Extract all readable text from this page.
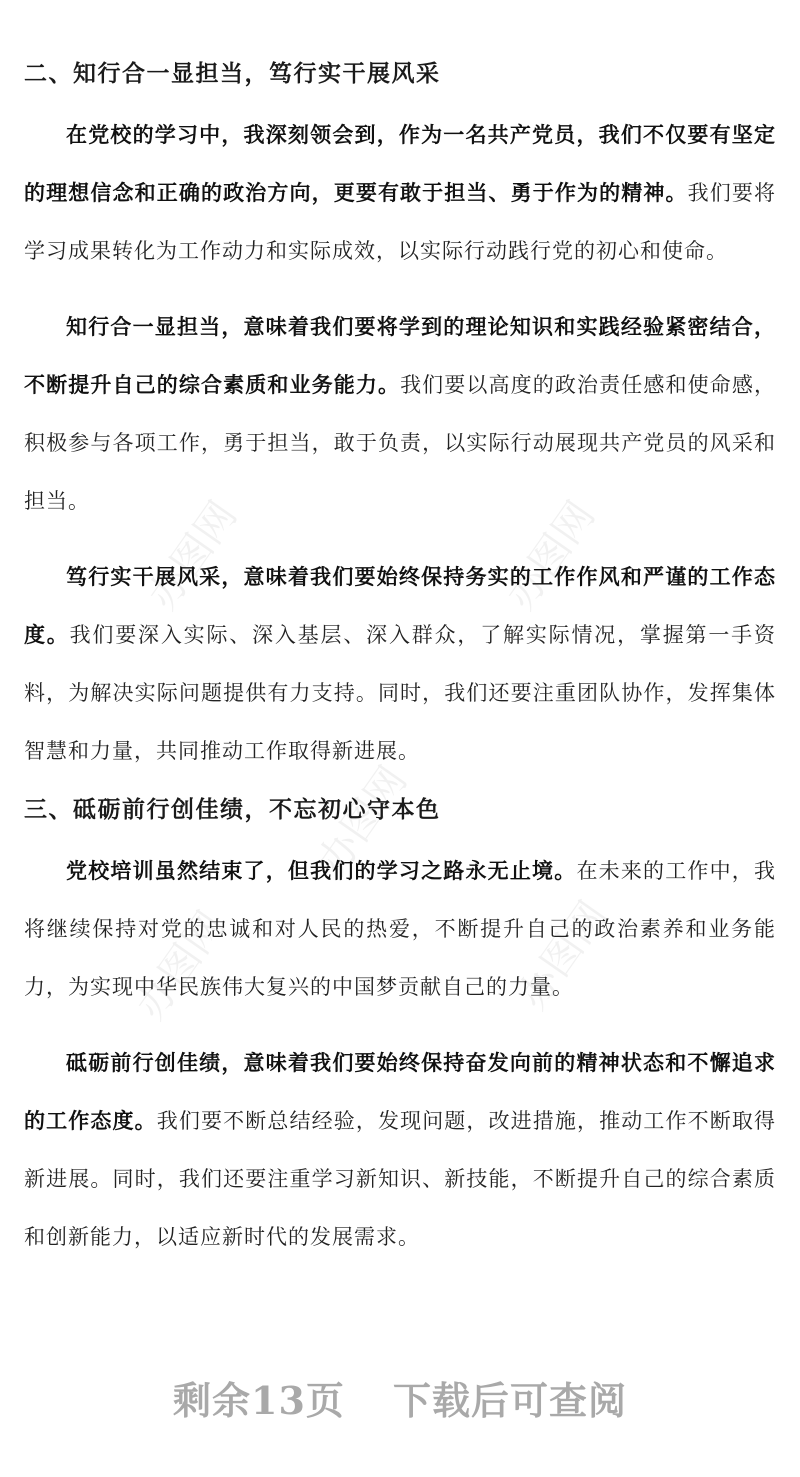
办图网	办图网
办图网
办图网
办图网
二、知行合一显担当，笃行实干展风采

在党校的学习中，我深刻领会到，作为一名共产党员，我们不仅要有坚定的理想信念和正确的政治方向，更要有敢于担当、勇于作为的精神。我们要将学习成果转化为工作动力和实际成效，以实际行动践行党的初心和使命。

知行合一显担当，意味着我们要将学到的理论知识和实践经验紧密结合，不断提升自己的综合素质和业务能力。我们要以高度的政治责任感和使命感，积极参与各项工作，勇于担当，敢于负责，以实际行动展现共产党员的风采和担当。

笃行实干展风采，意味着我们要始终保持务实的工作作风和严谨的工作态度。我们要深入实际、深入基层、深入群众，了解实际情况，掌握第一手资料，为解决实际问题提供有力支持。同时，我们还要注重团队协作，发挥集体智慧和力量，共同推动工作取得新进展。

三、砥砺前行创佳绩，不忘初心守本色

党校培训虽然结束了，但我们的学习之路永无止境。在未来的工作中，我将继续保持对党的忠诚和对人民的热爱，不断提升自己的政治素养和业务能力，为实现中华民族伟大复兴的中国梦贡献自己的力量。

砥砺前行创佳绩，意味着我们要始终保持奋发向前的精神状态和不懈追求的工作态度。我们要不断总结经验，发现问题，改进措施，推动工作不断取得新进展。同时，我们还要注重学习新知识、新技能，不断提升自己的综合素质和创新能力，以适应新时代的发展需求。

剩余13页 下载后可查阅
